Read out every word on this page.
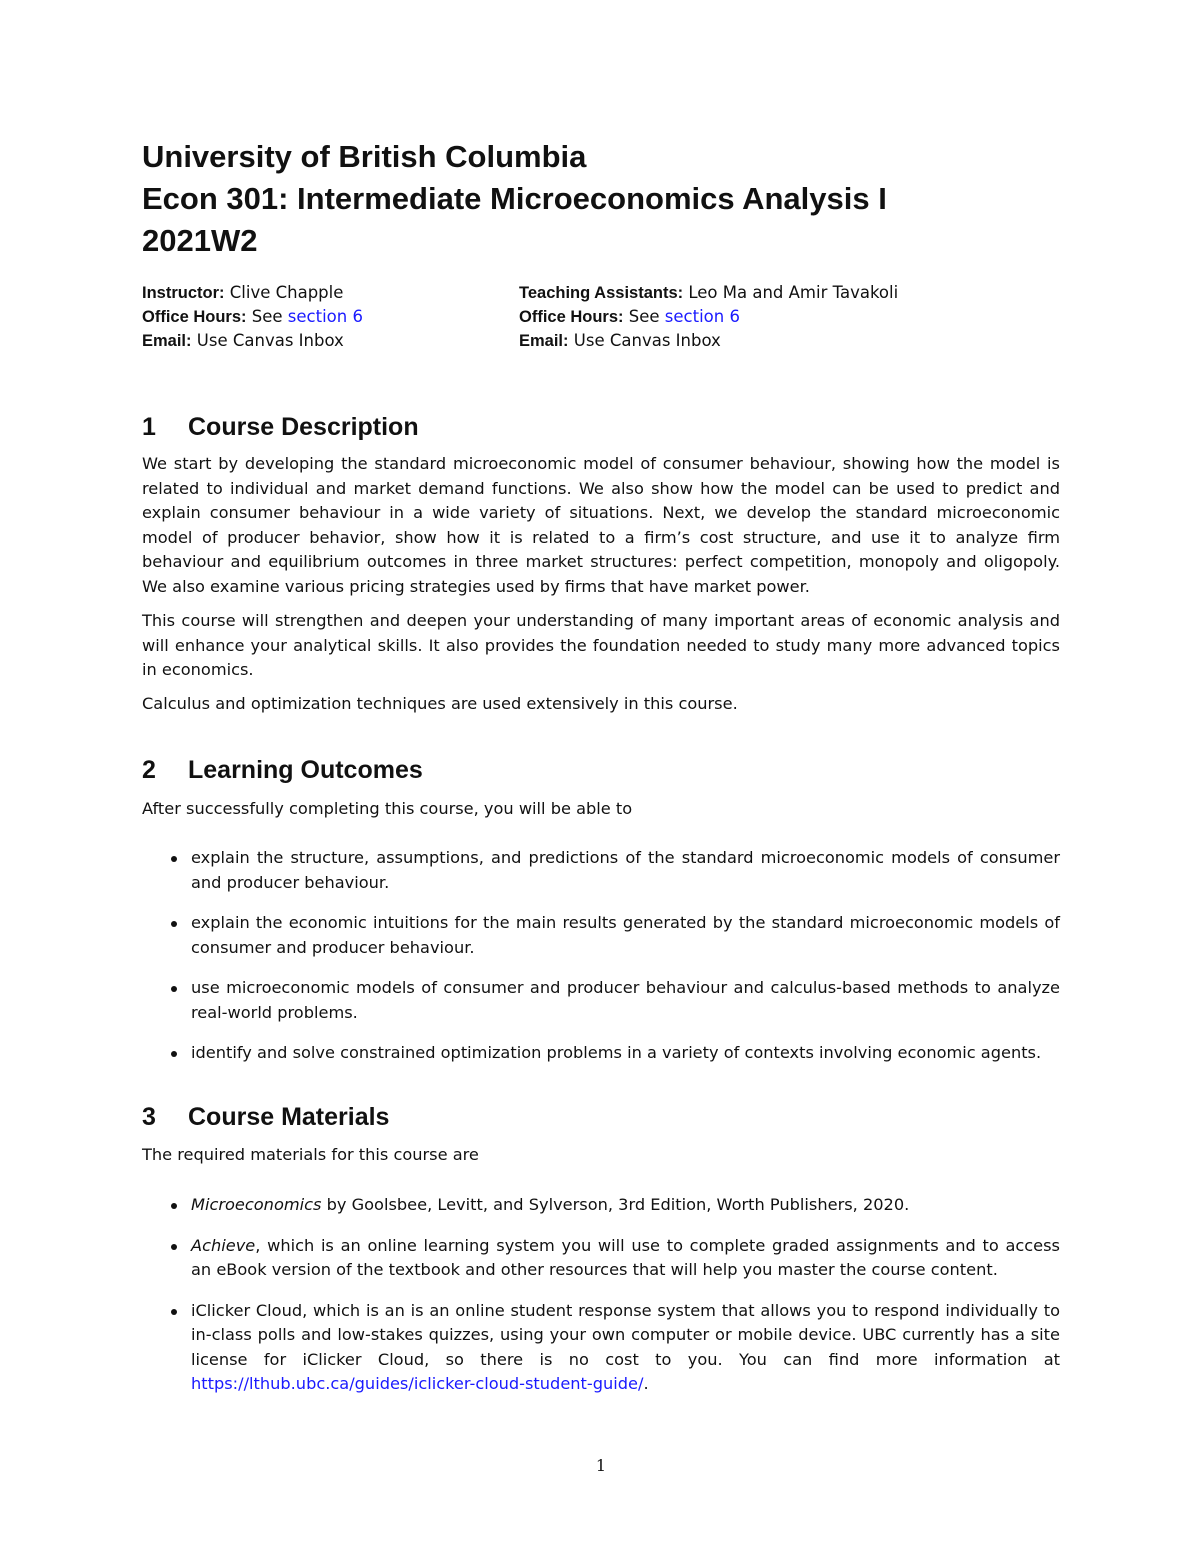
University of British Columbia

Econ 301: Intermediate Microeconomics Analysis I

2021W2

Instructor: Clive Chapple
Office Hours: See section 6
Email: Use Canvas Inbox
Teaching Assistants: Leo Ma and Amir Tavakoli
Office Hours: See section 6
Email: Use Canvas Inbox
1 Course Description

We start by developing the standard microeconomic model of consumer behaviour, showing how the model is related to individual and market demand functions. We also show how the model can be used to predict and explain consumer behaviour in a wide variety of situations. Next, we develop the standard microeconomic model of producer behavior, show how it is related to a firm’s cost structure, and use it to analyze firm behaviour and equilibrium outcomes in three market structures: perfect competition, monopoly and oligopoly. We also examine various pricing strategies used by firms that have market power.

This course will strengthen and deepen your understanding of many important areas of economic analysis and will enhance your analytical skills. It also provides the foundation needed to study many more advanced topics in economics.

Calculus and optimization techniques are used extensively in this course.

2 Learning Outcomes

After successfully completing this course, you will be able to

explain the structure, assumptions, and predictions of the standard microeconomic models of consumer and producer behaviour.
explain the economic intuitions for the main results generated by the standard microeconomic models of consumer and producer behaviour.
use microeconomic models of consumer and producer behaviour and calculus-based methods to analyze real-world problems.
identify and solve constrained optimization problems in a variety of contexts involving economic agents.
3 Course Materials

The required materials for this course are

Microeconomics by Goolsbee, Levitt, and Sylverson, 3rd Edition, Worth Publishers, 2020.
Achieve, which is an online learning system you will use to complete graded assignments and to access an eBook version of the textbook and other resources that will help you master the course content.
iClicker Cloud, which is an is an online student response system that allows you to respond individually to in-class polls and low-stakes quizzes, using your own computer or mobile device. UBC currently has a site license for iClicker Cloud, so there is no cost to you. You can find more information at https://lthub.ubc.ca/guides/iclicker-cloud-student-guide/.
1
